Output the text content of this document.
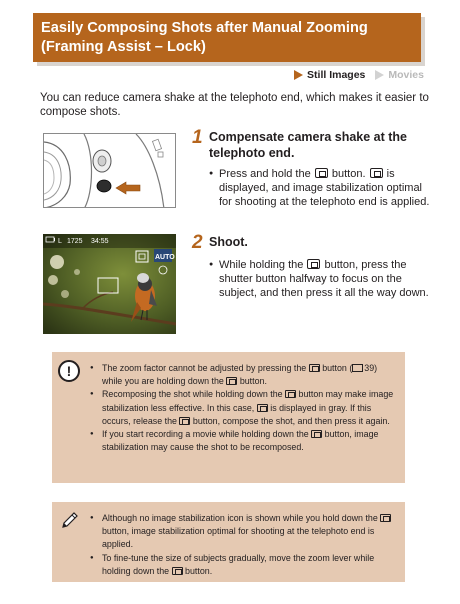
Easily Composing Shots after Manual Zooming
(Framing Assist – Lock)
Still Images Movies
You can reduce camera shake at the telephoto end, which makes it easier to compose shots.
L 1725 34:55
AUTO
1 Compensate camera shake at the
telephoto end.
● Press and hold the button. is displayed, and image stabilization optimal for shooting at the telephoto end is applied.
2 Shoot.
● While holding the button, press the shutter button halfway to focus on the subject, and then press it all the way down.
!
●	The zoom factor cannot be adjusted by pressing the button ( 39) while you are holding down the button.
● Recomposing the shot while holding down the button may make image stabilization less effective. In this case, is displayed in gray. If this occurs, release the button, compose the shot, and then press it again.
● If you start recording a movie while holding down the button, image stabilization may cause the shot to be recomposed.
● Although no image stabilization icon is shown while you hold down the  button, image stabilization optimal for shooting at the telephoto end is applied.
● To fine-tune the size of subjects gradually, move the zoom lever while holding down the button.
